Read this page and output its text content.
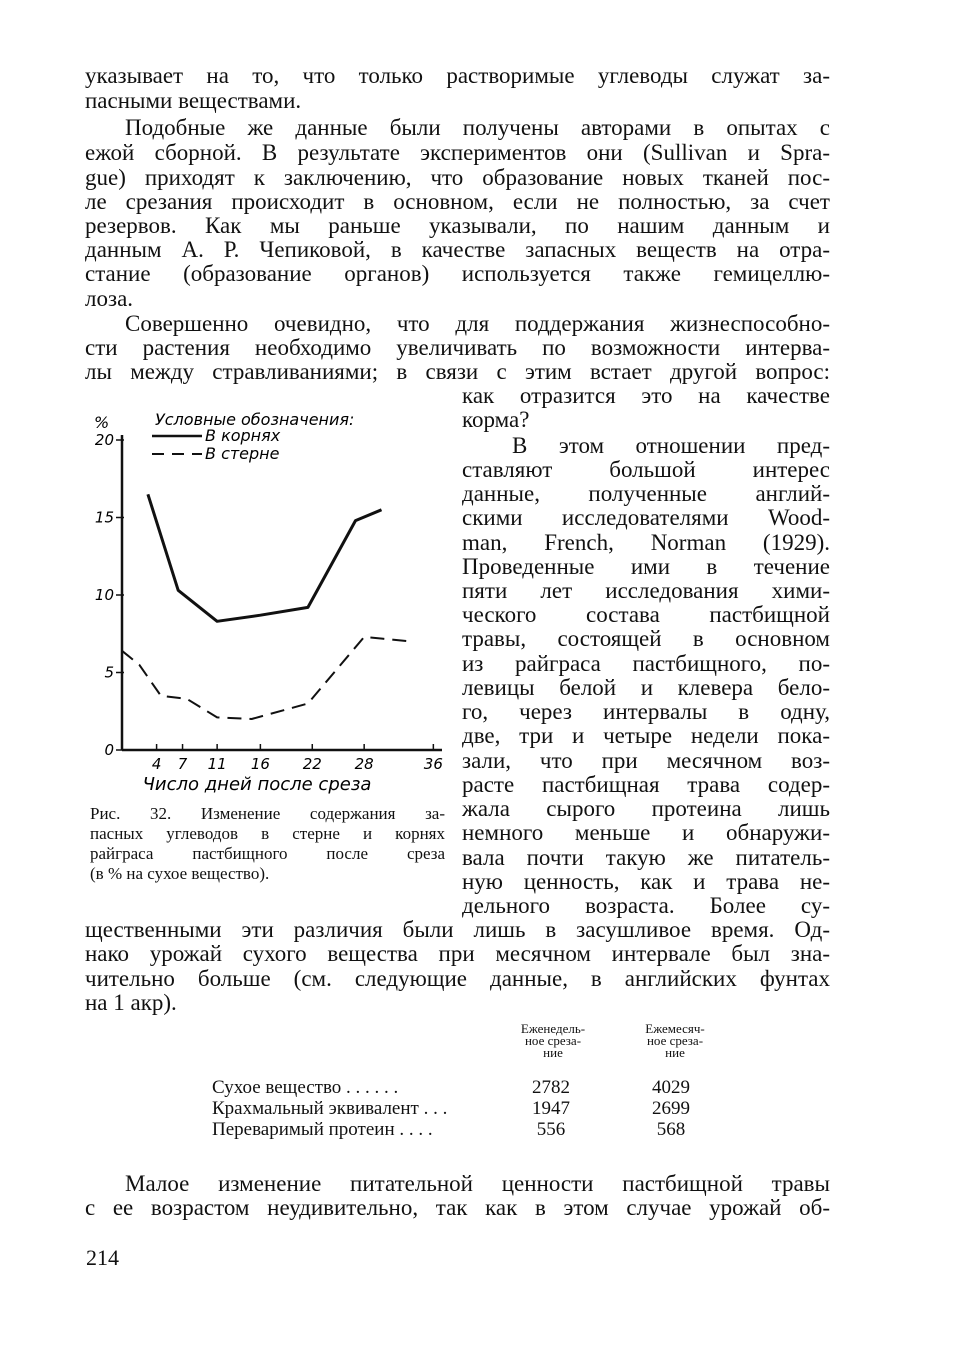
указывает на то, что только растворимые углеводы служат за-
пасными веществами.
Подобные же данные были получены авторами в опытах с
ежой сборной. В результате экспериментов они (Sullivan и Spra-
gue) приходят к заключению, что образование новых тканей пос-
ле срезания происходит в основном, если не полностью, за счет
резервов. Как мы раньше указывали, по нашим данным и
данным А. Р. Чепиковой, в качестве запасных веществ на отра-
стание (образование органов) используется также гемицеллю-
лоза.
Совершенно очевидно, что для поддержания жизнеспособно-
сти растения необходимо увеличивать по возможности интерва-
лы между стравливаниями; в связи с этим встает другой вопрос:
как отразится это на качестве
корма?
В этом отношении пред-
ставляют большой интерес
данные, полученные англий-
скими исследователями Wood-
man, French, Norman (1929).
Проведенные ими в течение
пяти лет исследования хими-
ческого состава пастбищной
травы, состоящей в основном
из райграса пастбищного, по-
левицы белой и клевера бело-
го, через интервалы в одну,
две, три и четыре недели пока-
зали, что при месячном воз-
расте пастбищная трава содер-
жала сырого протеина лишь
немного меньше и обнаружи-
вала почти такую же питатель-
ную ценность, как и трава не-
дельного возраста. Более су-
щественными эти различия были лишь в засушливое время. Од-
нако урожай сухого вещества при месячном интервале был зна-
чительно больше (см. следующие данные, в английских фунтах
на 1 акр).
Условные обозначения:
В корнях
В стерне
0
5
10
15
20
4 7 11 16 22 28	36
%
Число дней после среза
Рис. 32. Изменение содержания за-
пасных углеводов в стерне и корнях
райграса пастбищного после среза
(в % на сухое вещество).
Еженедель-
ное среза-
ние
Ежемесяч-
ное среза-
ние
Сухое вещество . . . . . .	2782	4029
Крахмальный эквивалент . . .	1947	2699
Переваримый протеин . . . .	556	568
Малое изменение питательной ценности пастбищной травы
с ее возрастом неудивительно, так как в этом случае урожай об-
214
